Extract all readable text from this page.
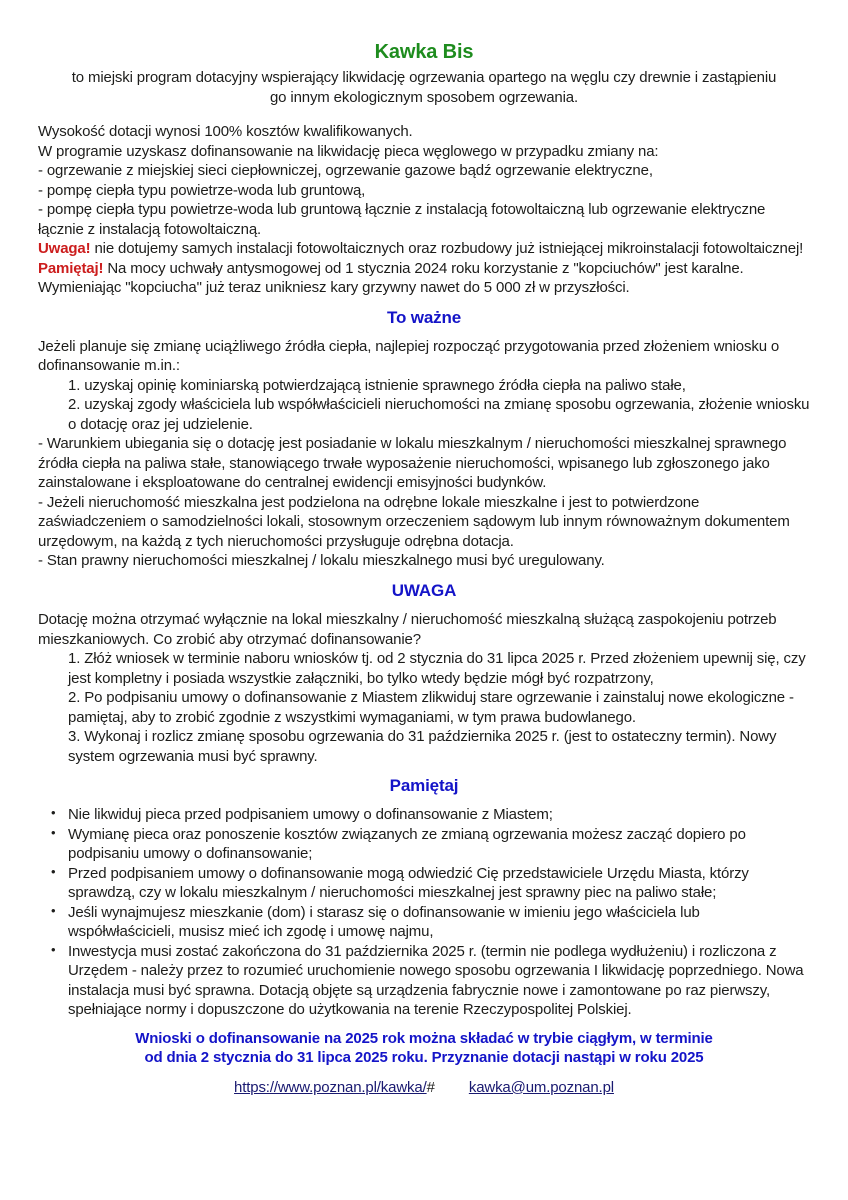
Kawka Bis
to miejski program dotacyjny wspierający likwidację ogrzewania opartego na węglu czy drewnie i zastąpieniu go innym ekologicznym sposobem ogrzewania.

Wysokość dotacji wynosi 100% kosztów kwalifikowanych.

W programie uzyskasz dofinansowanie na likwidację pieca węglowego w przypadku zmiany na:

- ogrzewanie z miejskiej sieci ciepłowniczej, ogrzewanie gazowe bądź ogrzewanie elektryczne,

- pompę ciepła typu powietrze-woda lub gruntową,

- pompę ciepła typu powietrze-woda lub gruntową łącznie z instalacją fotowoltaiczną lub ogrzewanie elektryczne łącznie z instalacją fotowoltaiczną.

Uwaga! nie dotujemy samych instalacji fotowoltaicznych oraz rozbudowy już istniejącej mikroinstalacji fotowoltaicznej!

Pamiętaj! Na mocy uchwały antysmogowej od 1 stycznia 2024 roku korzystanie z "kopciuchów" jest karalne. Wymieniając "kopciucha" już teraz unikniesz kary grzywny nawet do 5 000 zł w przyszłości.

To ważne

Jeżeli planuje się zmianę uciążliwego źródła ciepła, najlepiej rozpocząć przygotowania przed złożeniem wniosku o dofinansowanie m.in.:

1. uzyskaj opinię kominiarską potwierdzającą istnienie sprawnego źródła ciepła na paliwo stałe,

2. uzyskaj zgody właściciela lub współwłaścicieli nieruchomości na zmianę sposobu ogrzewania, złożenie wniosku o dotację oraz jej udzielenie.

- Warunkiem ubiegania się o dotację jest posiadanie w lokalu mieszkalnym / nieruchomości mieszkalnej sprawnego źródła ciepła na paliwa stałe, stanowiącego trwałe wyposażenie nieruchomości, wpisanego lub zgłoszonego jako zainstalowane i eksploatowane do centralnej ewidencji emisyjności budynków.

- Jeżeli nieruchomość mieszkalna jest podzielona na odrębne lokale mieszkalne i jest to potwierdzone zaświadczeniem o samodzielności lokali, stosownym orzeczeniem sądowym lub innym równoważnym dokumentem urzędowym, na każdą z tych nieruchomości przysługuje odrębna dotacja.

- Stan prawny nieruchomości mieszkalnej / lokalu mieszkalnego musi być uregulowany.

UWAGA

Dotację można otrzymać wyłącznie na lokal mieszkalny / nieruchomość mieszkalną służącą zaspokojeniu potrzeb mieszkaniowych. Co zrobić aby otrzymać dofinansowanie?

1. Złóż wniosek w terminie naboru wniosków tj. od 2 stycznia do 31 lipca 2025 r. Przed złożeniem upewnij się, czy jest kompletny i posiada wszystkie załączniki, bo tylko wtedy będzie mógł być rozpatrzony,

2. Po podpisaniu umowy o dofinansowanie z Miastem zlikwiduj stare ogrzewanie i zainstaluj nowe ekologiczne - pamiętaj, aby to zrobić zgodnie z wszystkimi wymaganiami, w tym prawa budowlanego.

3. Wykonaj i rozlicz zmianę sposobu ogrzewania do 31 października 2025 r. (jest to ostateczny termin). Nowy system ogrzewania musi być sprawny.

Pamiętaj
• Nie likwiduj pieca przed podpisaniem umowy o dofinansowanie z Miastem;
• Wymianę pieca oraz ponoszenie kosztów związanych ze zmianą ogrzewania możesz zacząć dopiero po podpisaniu umowy o dofinansowanie;
• Przed podpisaniem umowy o dofinansowanie mogą odwiedzić Cię przedstawiciele Urzędu Miasta, którzy sprawdzą, czy w lokalu mieszkalnym / nieruchomości mieszkalnej jest sprawny piec na paliwo stałe;
• Jeśli wynajmujesz mieszkanie (dom) i starasz się o dofinansowanie w imieniu jego właściciela lub współwłaścicieli, musisz mieć ich zgodę i umowę najmu,
• Inwestycja musi zostać zakończona do 31 października 2025 r. (termin nie podlega wydłużeniu) i rozliczona z Urzędem - należy przez to rozumieć uruchomienie nowego sposobu ogrzewania I likwidację poprzedniego. Nowa instalacja musi być sprawna. Dotacją objęte są urządzenia fabrycznie nowe i zamontowane po raz pierwszy, spełniające normy i dopuszczone do użytkowania na terenie Rzeczypospolitej Polskiej.
Wnioski o dofinansowanie na 2025 rok można składać w trybie ciągłym, w terminie
od dnia 2 stycznia do 31 lipca 2025 roku. Przyznanie dotacji nastąpi w roku 2025
https://www.poznan.pl/kawka/# kawka@um.poznan.pl
